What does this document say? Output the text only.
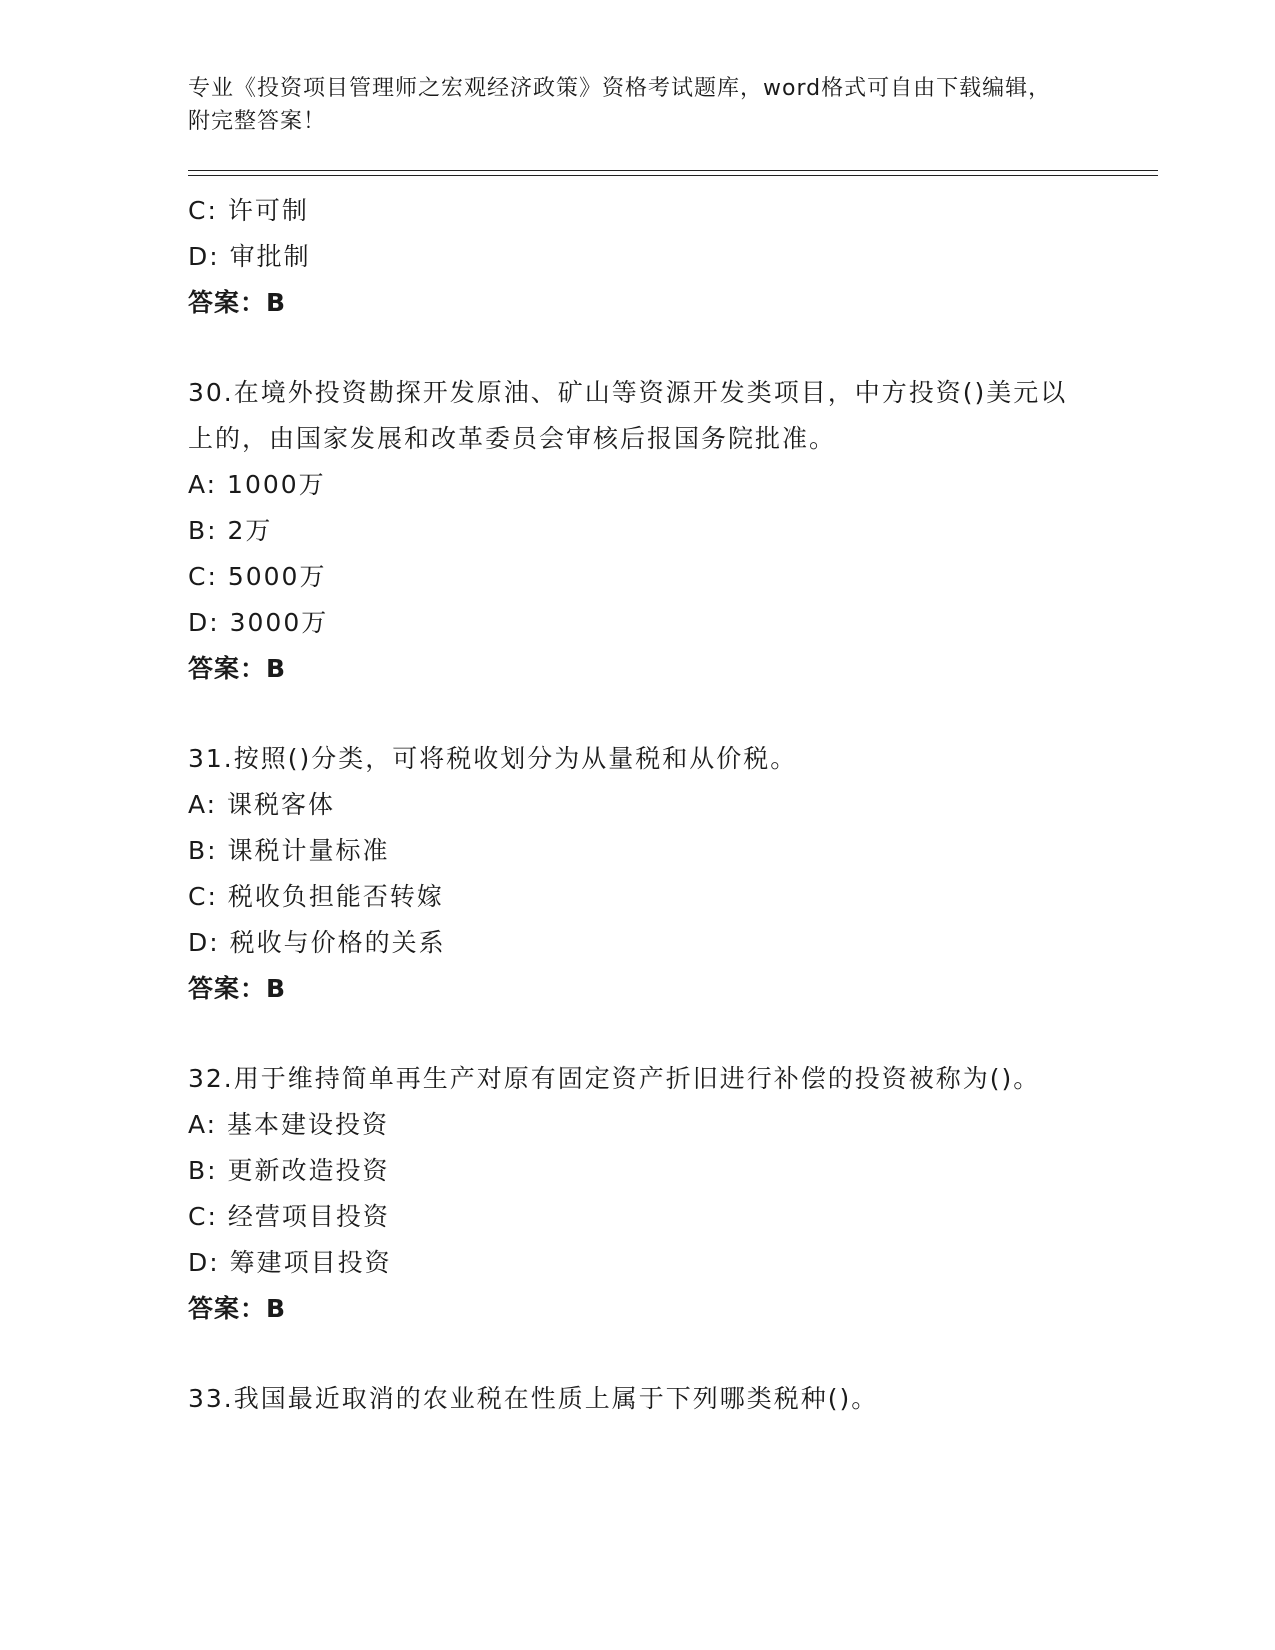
专业《投资项目管理师之宏观经济政策》资格考试题库，word格式可自由下载编辑，附完整答案！
C: 许可制
D: 审批制
答案：B
30.在境外投资勘探开发原油、矿山等资源开发类项目，中方投资()美元以上的，由国家发展和改革委员会审核后报国务院批准。
A: 1000万
B: 2万
C: 5000万
D: 3000万
答案：B
31.按照()分类，可将税收划分为从量税和从价税。
A: 课税客体
B: 课税计量标准
C: 税收负担能否转嫁
D: 税收与价格的关系
答案：B
32.用于维持简单再生产对原有固定资产折旧进行补偿的投资被称为()。
A: 基本建设投资
B: 更新改造投资
C: 经营项目投资
D: 筹建项目投资
答案：B
33.我国最近取消的农业税在性质上属于下列哪类税种()。
